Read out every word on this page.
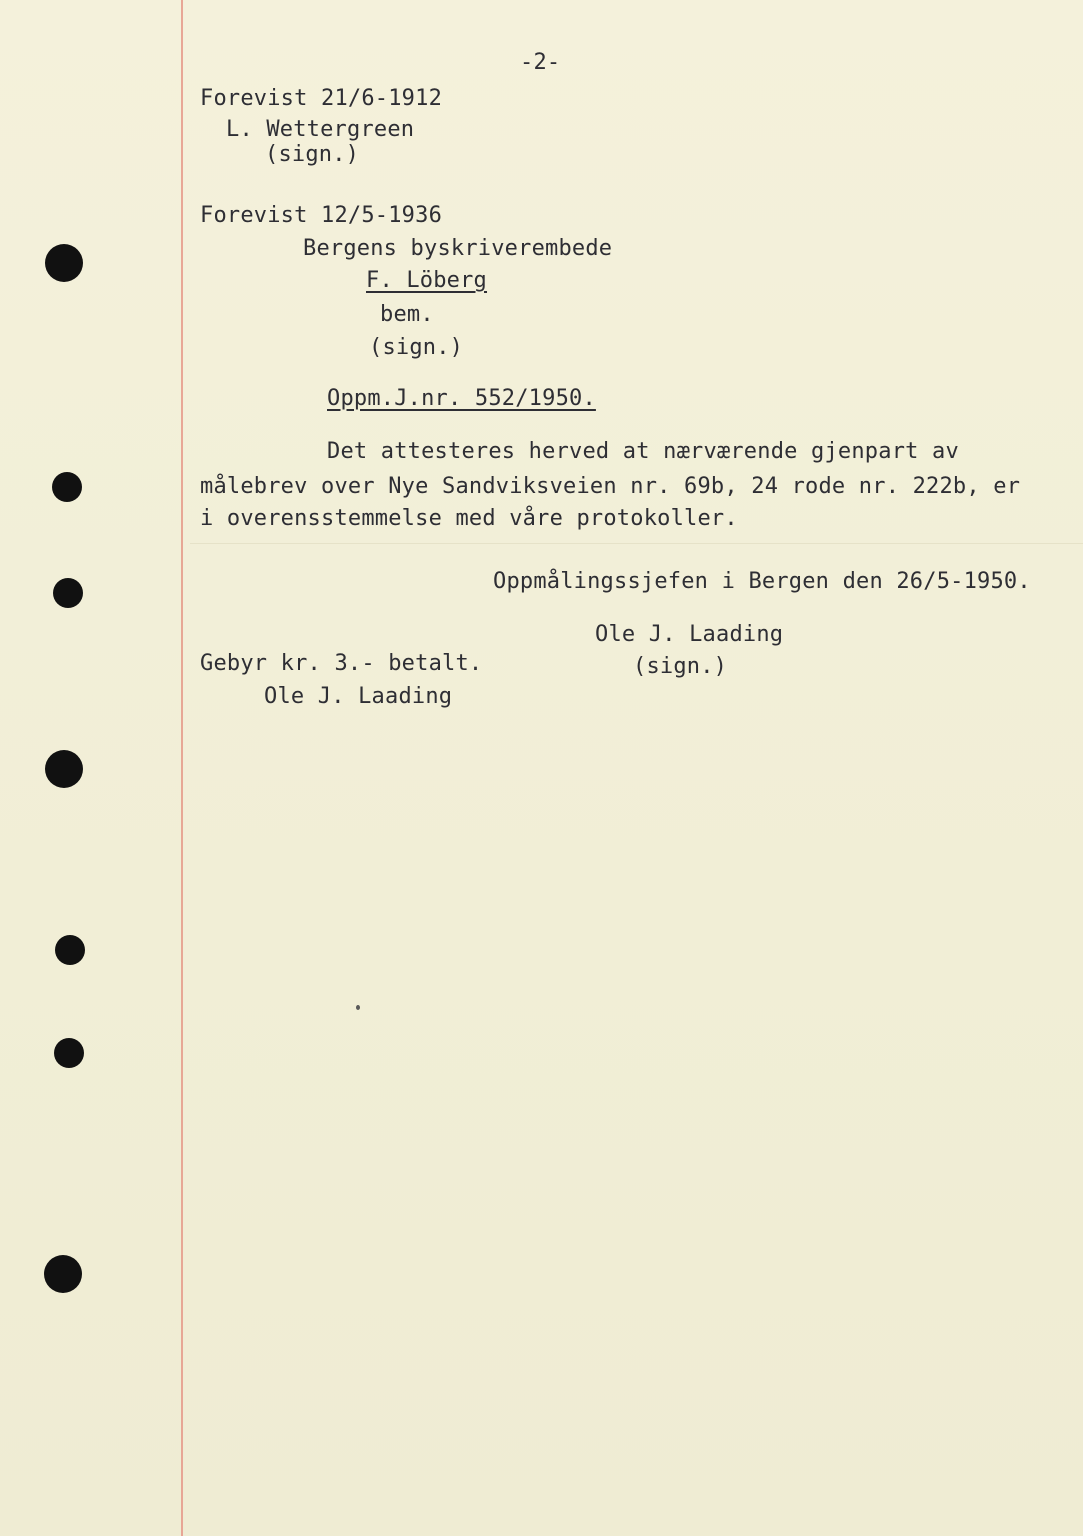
-2-
Forevist 21/6-1912
L. Wettergreen
(sign.)
Forevist 12/5-1936
Bergens byskriverembede
F. Löberg
bem.
(sign.)
Oppm.J.nr. 552/1950.
Det attesteres herved at nærværende gjenpart av
målebrev over Nye Sandviksveien nr. 69b, 24 rode nr. 222b, er
i overensstemmelse med våre protokoller.
Oppmålingssjefen i Bergen den 26/5-1950.
Ole J. Laading
(sign.)
Gebyr kr. 3.- betalt.
Ole J. Laading
